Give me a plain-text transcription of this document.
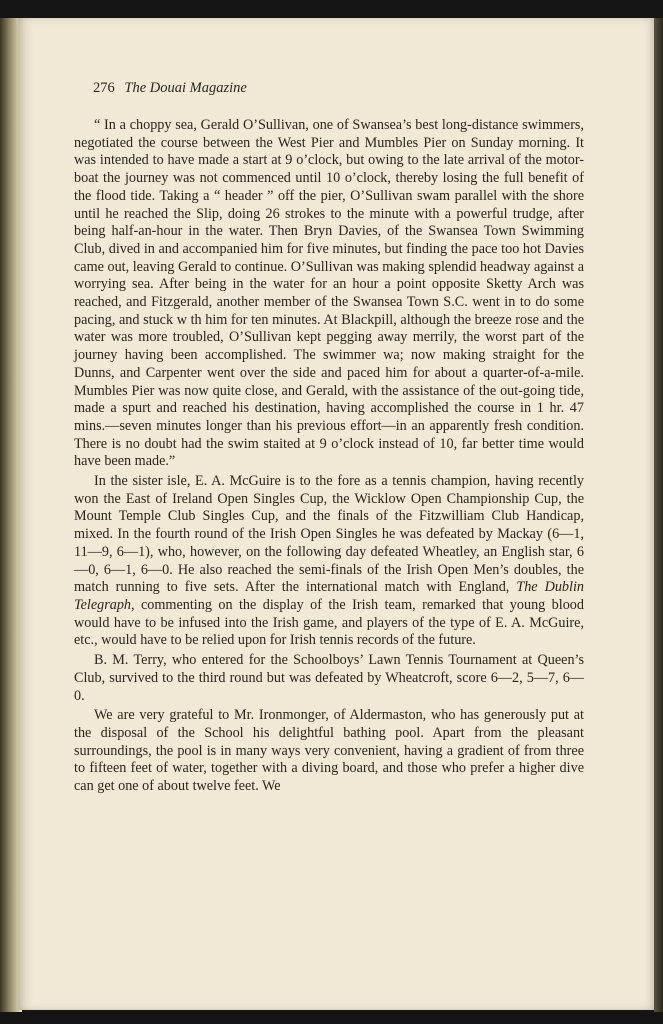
276 The Douai Magazine

“ In a choppy sea, Gerald O’Sullivan, one of Swansea’s best long-distance swimmers, negotiated the course between the West Pier and Mumbles Pier on Sunday morning. It was intended to have made a start at 9 o’clock, but owing to the late arrival of the motor-boat the journey was not commenced until 10 o’clock, thereby losing the full benefit of the flood tide. Taking a “ header ” off the pier, O’Sullivan swam parallel with the shore until he reached the Slip, doing 26 strokes to the minute with a powerful trudge, after being half-an-hour in the water. Then Bryn Davies, of the Swansea Town Swimming Club, dived in and accompanied him for five minutes, but finding the pace too hot Davies came out, leaving Gerald to continue. O’Sullivan was making splendid headway against a worrying sea. After being in the water for an hour a point opposite Sketty Arch was reached, and Fitzgerald, another member of the Swansea Town S.C. went in to do some pacing, and stuck w th him for ten minutes. At Blackpill, although the breeze rose and the water was more troubled, O’Sullivan kept pegging away merrily, the worst part of the journey having been accomplished. The swimmer wa; now making straight for the Dunns, and Carpenter went over the side and paced him for about a quarter-of-a-mile. Mumbles Pier was now quite close, and Gerald, with the assistance of the out-going tide, made a spurt and reached his destination, having accomplished the course in 1 hr. 47 mins.—seven minutes longer than his previous effort—in an apparently fresh condition. There is no doubt had the swim staited at 9 o’clock instead of 10, far better time would have been made.”

In the sister isle, E. A. McGuire is to the fore as a tennis champion, having recently won the East of Ireland Open Singles Cup, the Wicklow Open Championship Cup, the Mount Temple Club Singles Cup, and the finals of the Fitzwilliam Club Handicap, mixed. In the fourth round of the Irish Open Singles he was defeated by Mackay (6—1, 11—9, 6—1), who, however, on the following day defeated Wheatley, an English star, 6—0, 6—1, 6—0. He also reached the semi-finals of the Irish Open Men’s doubles, the match running to five sets. After the international match with England, The Dublin Telegraph, commenting on the display of the Irish team, remarked that young blood would have to be infused into the Irish game, and players of the type of E. A. McGuire, etc., would have to be relied upon for Irish tennis records of the future.

B. M. Terry, who entered for the Schoolboys’ Lawn Tennis Tournament at Queen’s Club, survived to the third round but was defeated by Wheatcroft, score 6—2, 5—7, 6—0.

We are very grateful to Mr. Ironmonger, of Aldermaston, who has generously put at the disposal of the School his delightful bathing pool. Apart from the pleasant surroundings, the pool is in many ways very convenient, having a gradient of from three to fifteen feet of water, together with a diving board, and those who prefer a higher dive can get one of about twelve feet. We
